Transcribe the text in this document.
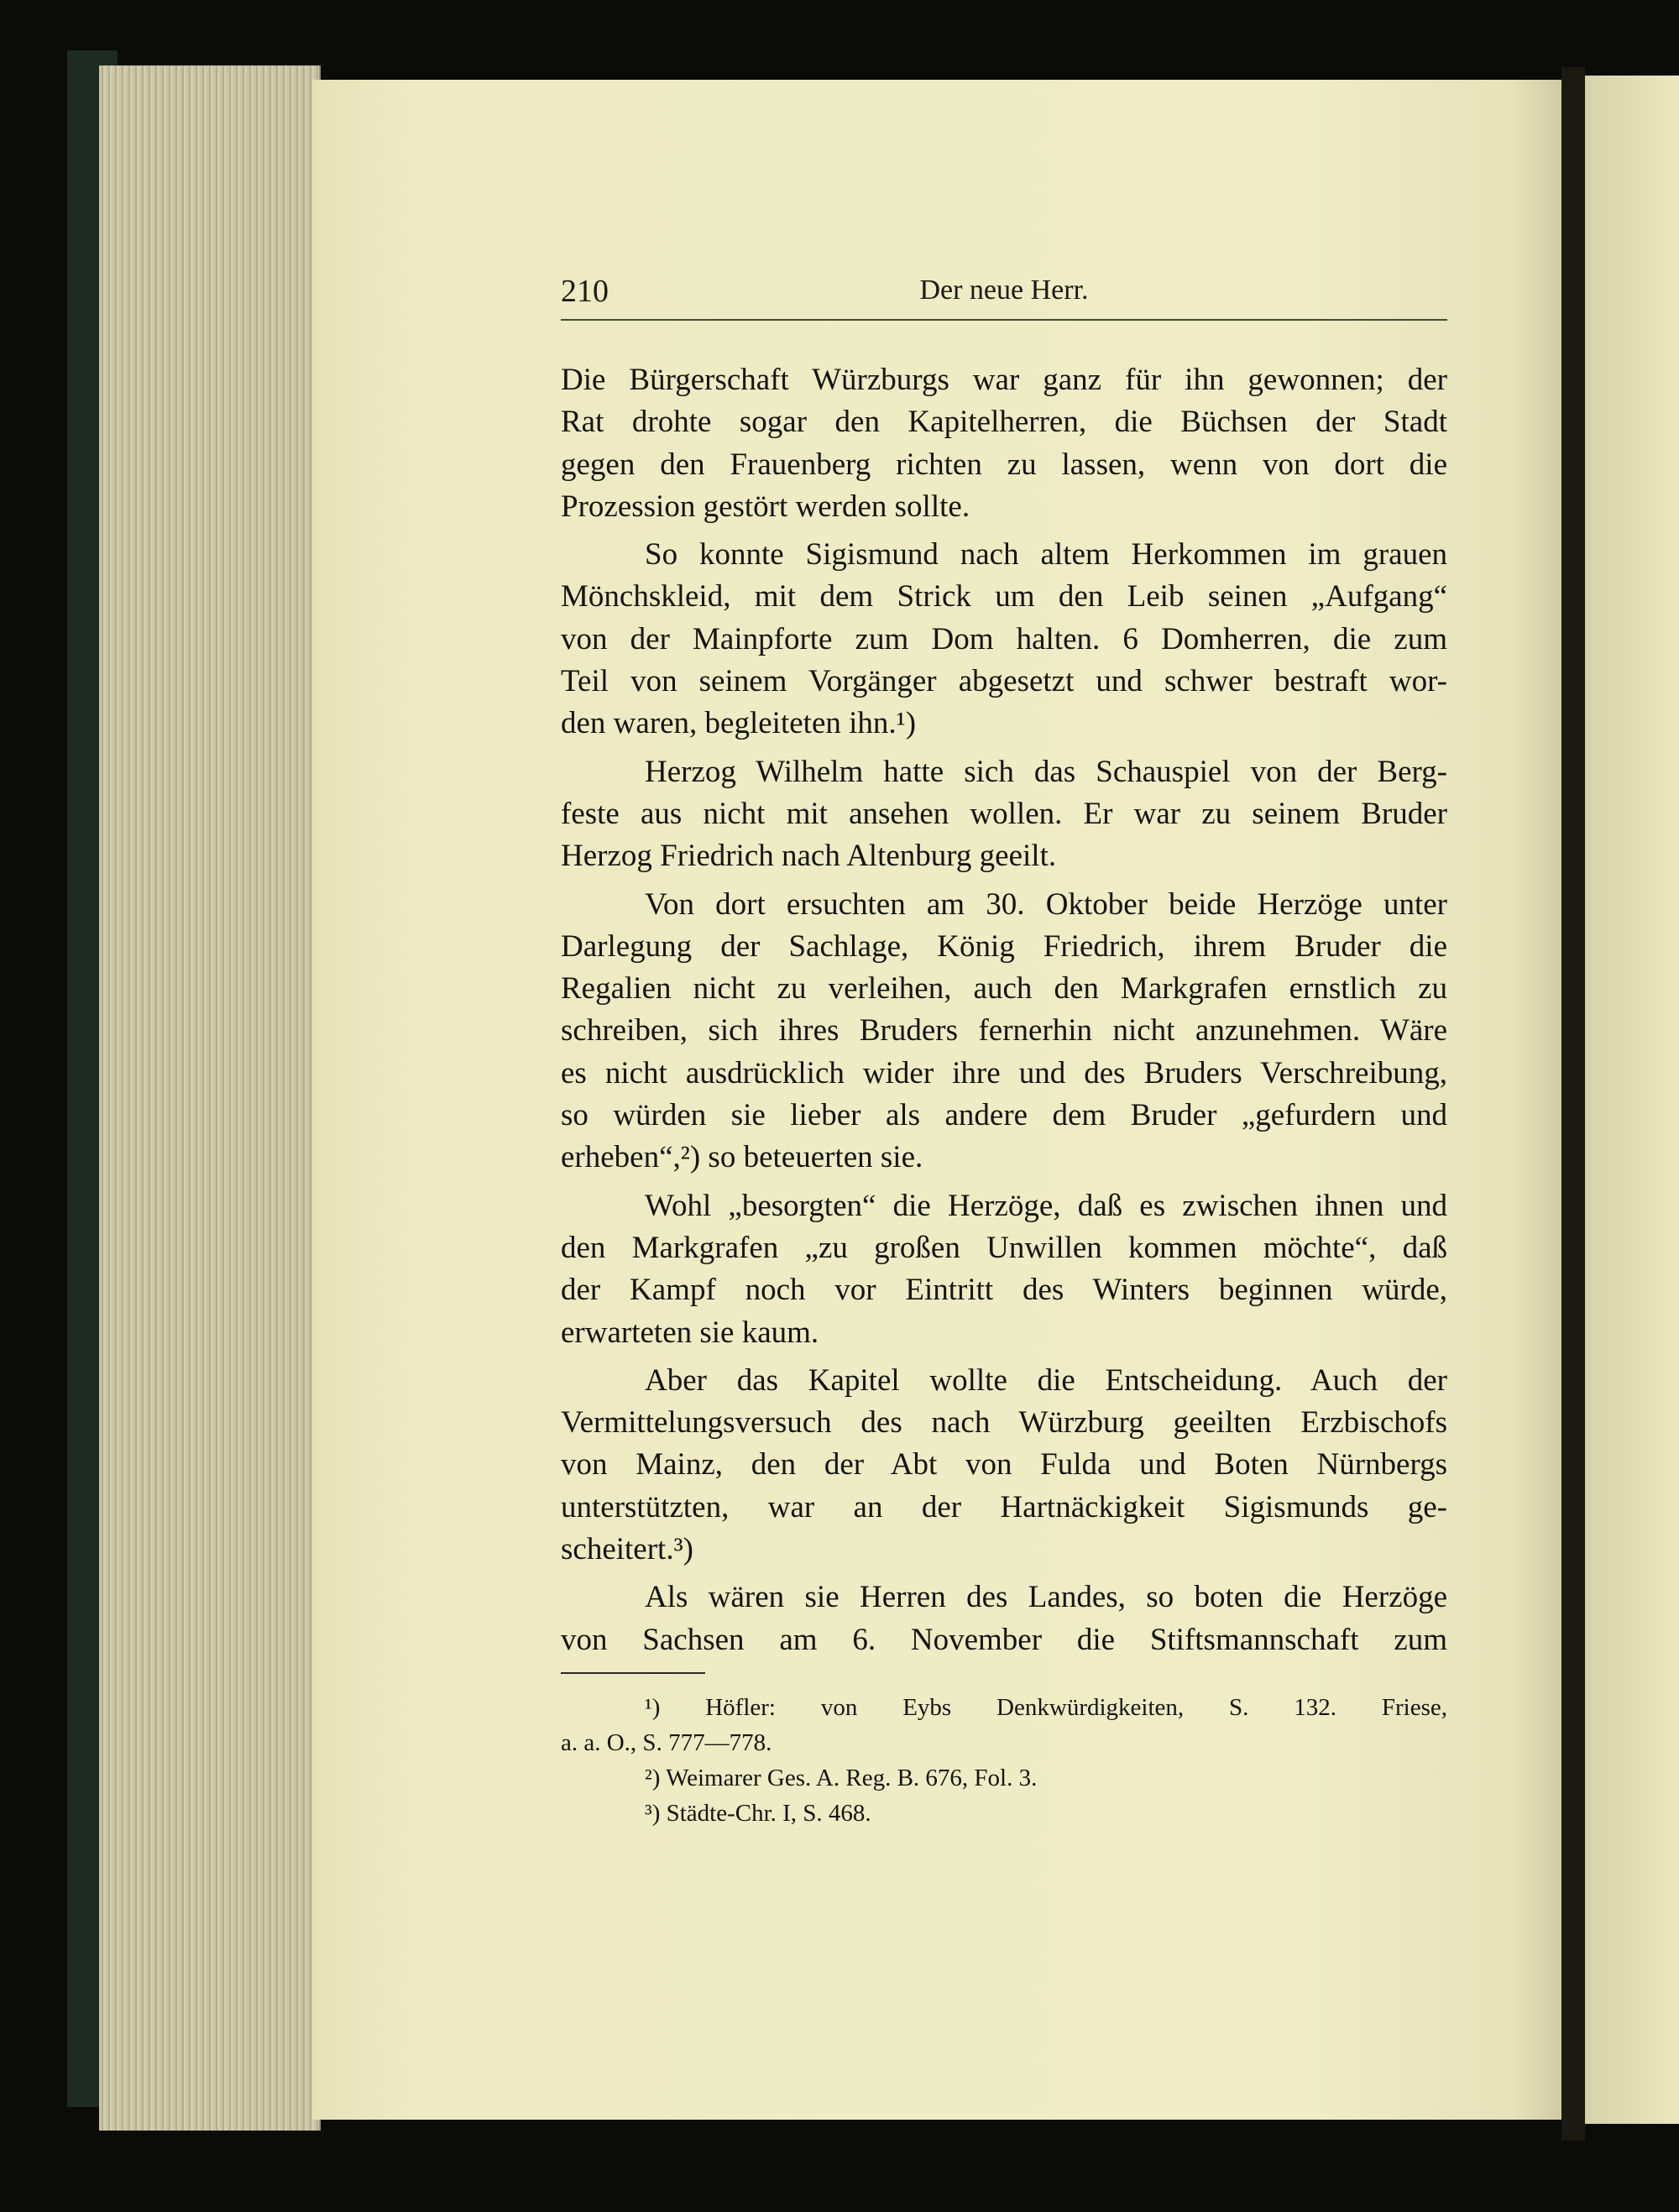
210	Der neue Herr.
Die Bürgerschaft Würzburgs war ganz für ihn gewonnen; der
Rat drohte sogar den Kapitelherren, die Büchsen der Stadt
gegen den Frauenberg richten zu lassen, wenn von dort die
Prozession gestört werden sollte.
So konnte Sigismund nach altem Herkommen im grauen
Mönchskleid, mit dem Strick um den Leib seinen „Aufgang“
von der Mainpforte zum Dom halten. 6 Domherren, die zum
Teil von seinem Vorgänger abgesetzt und schwer bestraft wor-
den waren, begleiteten ihn.¹)
Herzog Wilhelm hatte sich das Schauspiel von der Berg-
feste aus nicht mit ansehen wollen. Er war zu seinem Bruder
Herzog Friedrich nach Altenburg geeilt.
Von dort ersuchten am 30. Oktober beide Herzöge unter
Darlegung der Sachlage, König Friedrich, ihrem Bruder die
Regalien nicht zu verleihen, auch den Markgrafen ernstlich zu
schreiben, sich ihres Bruders fernerhin nicht anzunehmen. Wäre
es nicht ausdrücklich wider ihre und des Bruders Verschreibung,
so würden sie lieber als andere dem Bruder „gefurdern und
erheben“,²) so beteuerten sie.
Wohl „besorgten“ die Herzöge, daß es zwischen ihnen und
den Markgrafen „zu großen Unwillen kommen möchte“, daß
der Kampf noch vor Eintritt des Winters beginnen würde,
erwarteten sie kaum.
Aber das Kapitel wollte die Entscheidung. Auch der
Vermittelungsversuch des nach Würzburg geeilten Erzbischofs
von Mainz, den der Abt von Fulda und Boten Nürnbergs
unterstützten, war an der Hartnäckigkeit Sigismunds ge-
scheitert.³)
Als wären sie Herren des Landes, so boten die Herzöge
von Sachsen am 6. November die Stiftsmannschaft zum
¹) Höfler: von Eybs Denkwürdigkeiten, S. 132. Friese,
a. a. O., S. 777—778.
²) Weimarer Ges. A. Reg. B. 676, Fol. 3.
³) Städte-Chr. I, S. 468.
